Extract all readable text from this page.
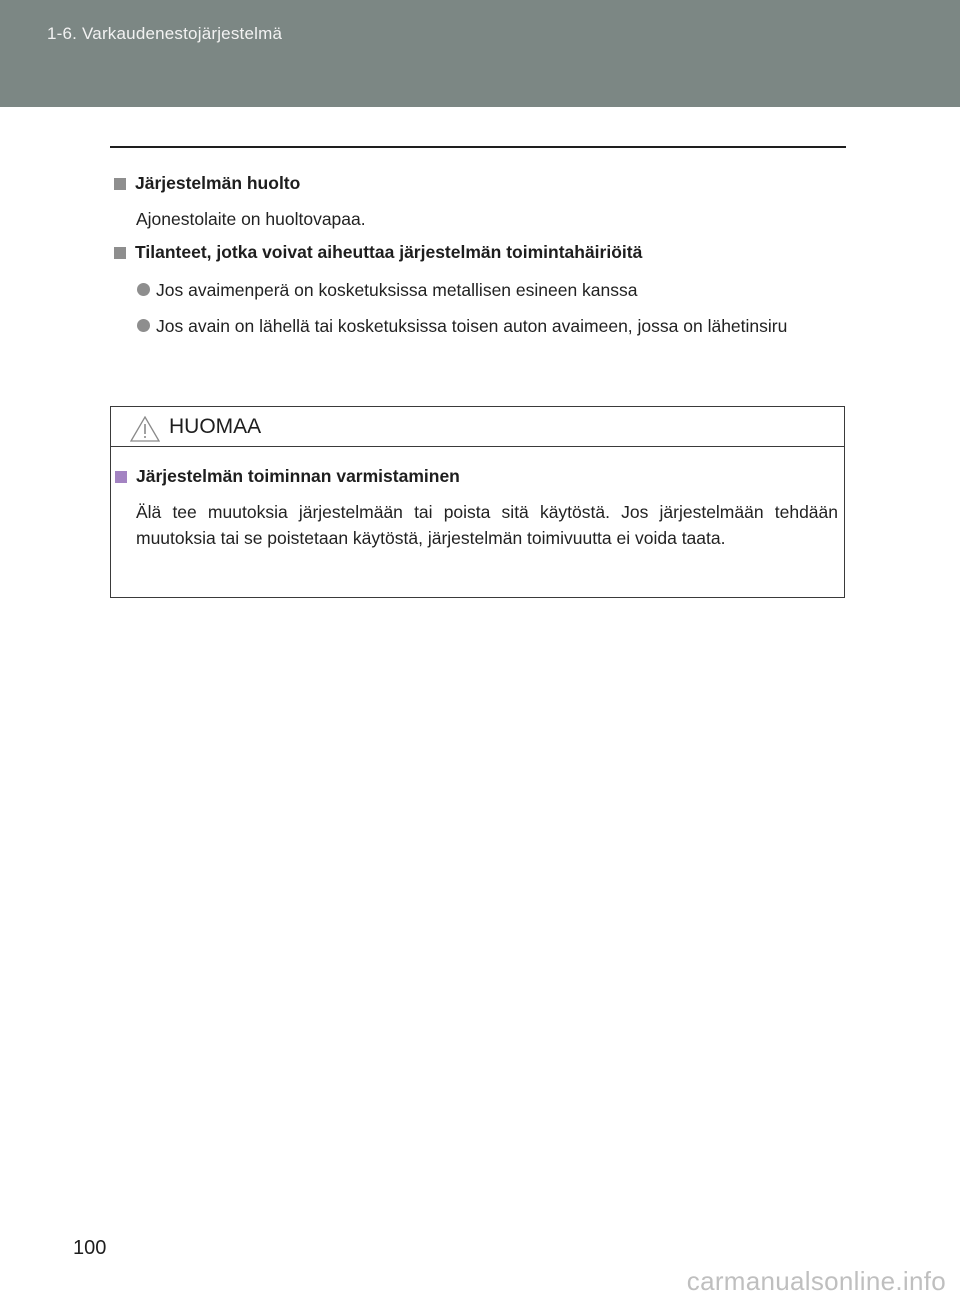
1-6. Varkaudenestojärjestelmä
Järjestelmän huolto
Ajonestolaite on huoltovapaa.
Tilanteet, jotka voivat aiheuttaa järjestelmän toimintahäiriöitä
Jos avaimenperä on kosketuksissa metallisen esineen kanssa
Jos avain on lähellä tai kosketuksissa toisen auton avaimeen, jossa on lähetinsiru
HUOMAA
Järjestelmän toiminnan varmistaminen
Älä tee muutoksia järjestelmään tai poista sitä käytöstä. Jos järjestelmään tehdään muutoksia tai se poistetaan käytöstä, järjestelmän toimivuutta ei voida taata.
100
carmanualsonline.info
